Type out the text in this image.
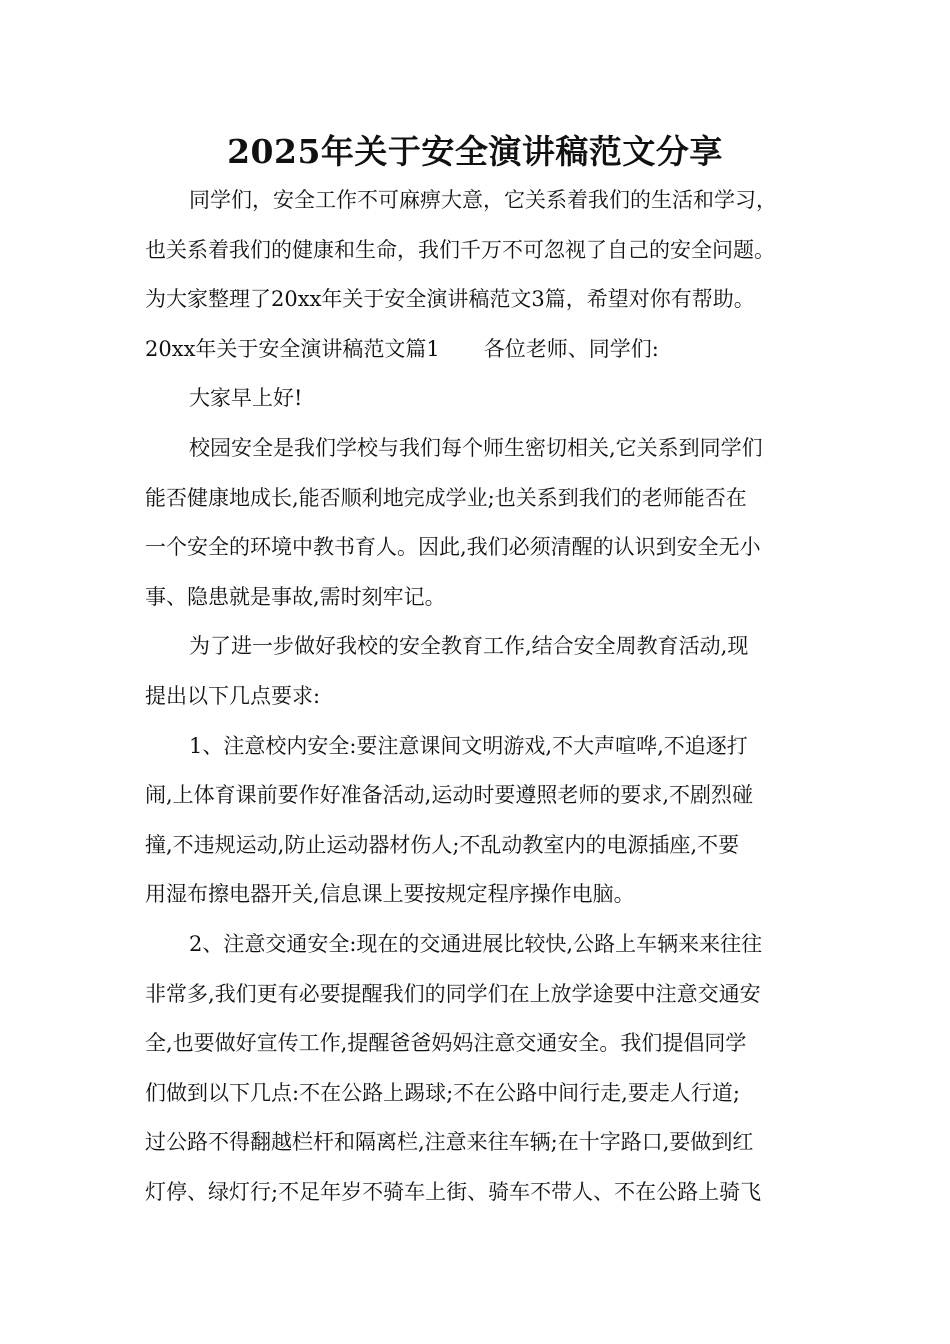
2025年关于安全演讲稿范文分享
同学们，安全工作不可麻痹大意，它关系着我们的生活和学习，
也关系着我们的健康和生命，我们千万不可忽视了自己的安全问题。
为大家整理了20xx年关于安全演讲稿范文3篇，希望对你有帮助。
20xx年关于安全演讲稿范文篇1 各位老师、同学们:
大家早上好!
校园安全是我们学校与我们每个师生密切相关,它关系到同学们
能否健康地成长,能否顺利地完成学业;也关系到我们的老师能否在
一个安全的环境中教书育人。因此,我们必须清醒的认识到安全无小
事、隐患就是事故,需时刻牢记。
为了进一步做好我校的安全教育工作,结合安全周教育活动,现
提出以下几点要求:
1、注意校内安全:要注意课间文明游戏,不大声喧哗,不追逐打
闹,上体育课前要作好准备活动,运动时要遵照老师的要求,不剧烈碰
撞,不违规运动,防止运动器材伤人;不乱动教室内的电源插座,不要
用湿布擦电器开关,信息课上要按规定程序操作电脑。
2、注意交通安全:现在的交通进展比较快,公路上车辆来来往往
非常多,我们更有必要提醒我们的同学们在上放学途要中注意交通安
全,也要做好宣传工作,提醒爸爸妈妈注意交通安全。我们提倡同学
们做到以下几点:不在公路上踢球;不在公路中间行走,要走人行道;
过公路不得翻越栏杆和隔离栏,注意来往车辆;在十字路口,要做到红
灯停、绿灯行;不足年岁不骑车上街、骑车不带人、不在公路上骑飞
